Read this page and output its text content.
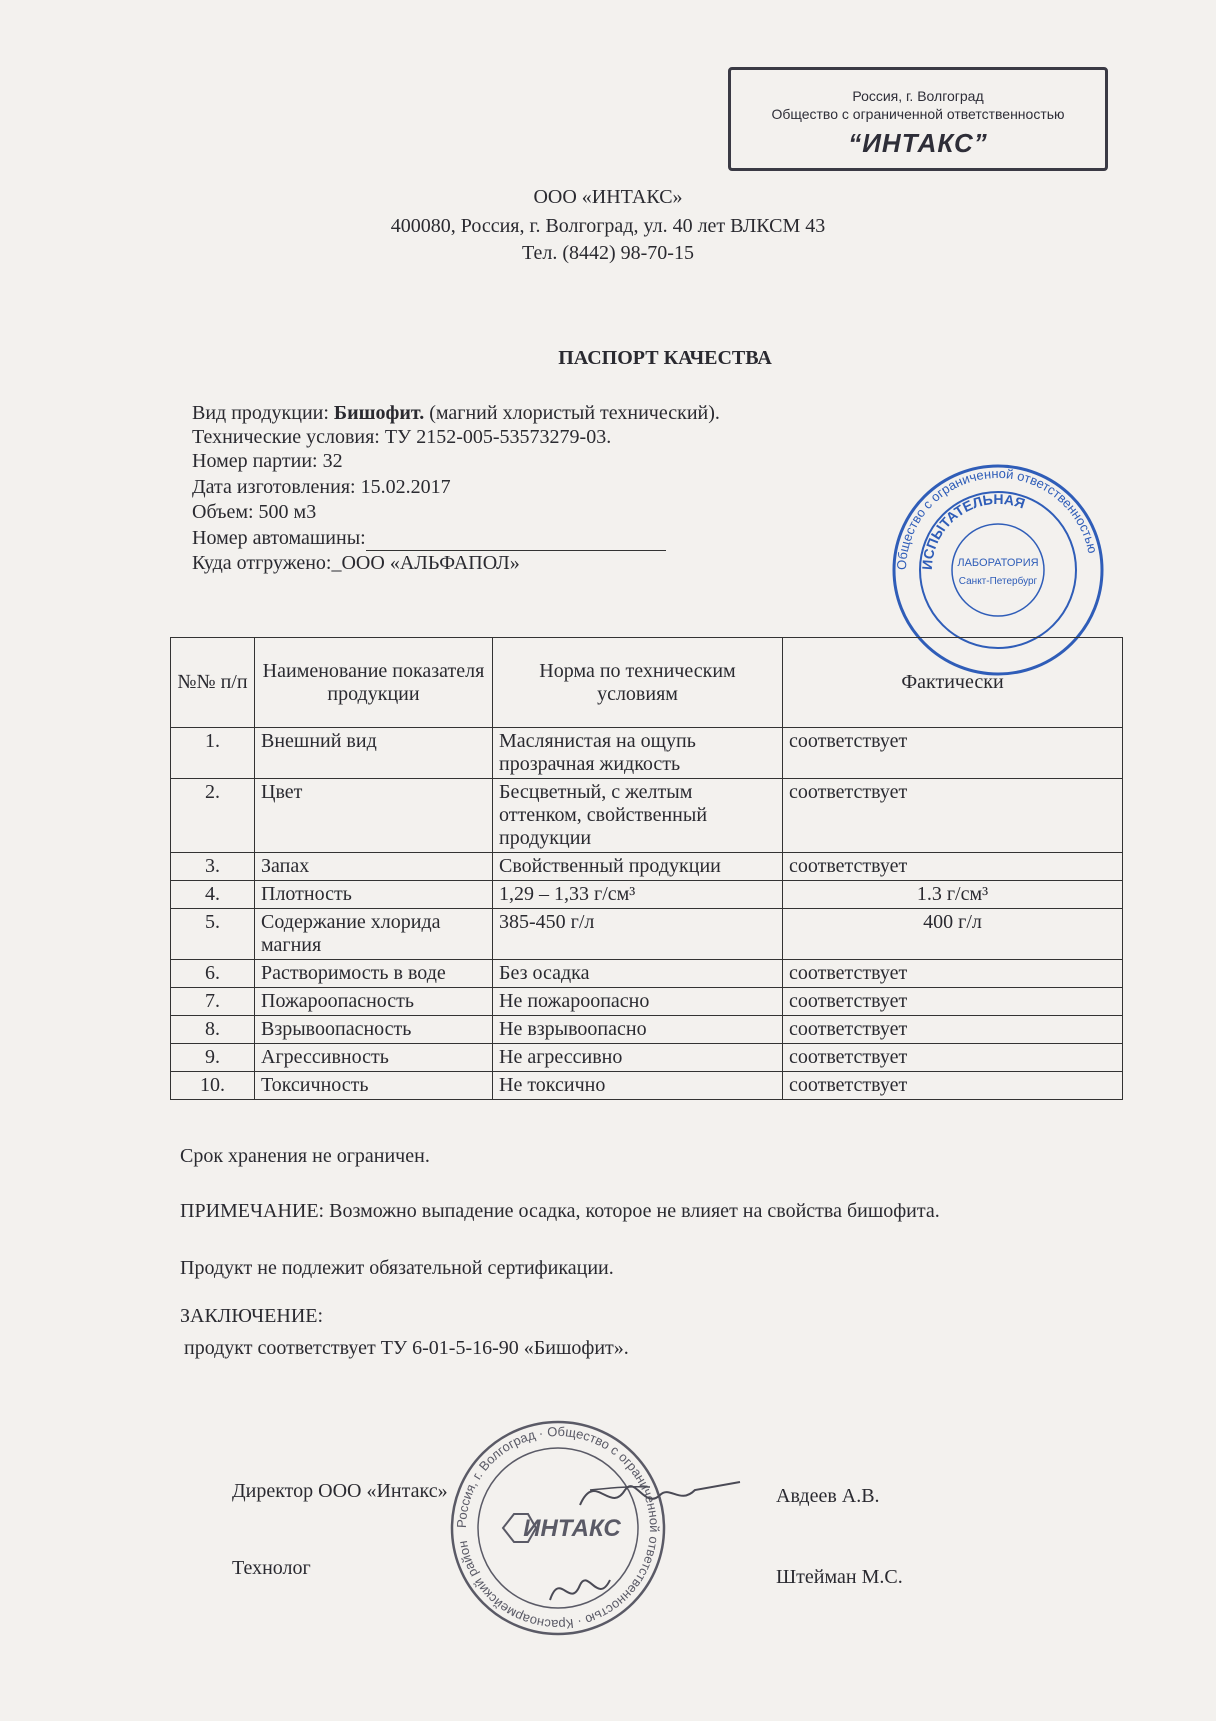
Россия, г. Волгоград
Общество с ограниченной ответственностью
“ИНТАКС”
ООО «ИНТАКС»
400080, Россия, г. Волгоград, ул. 40 лет ВЛКСМ 43
Тел. (8442) 98-70-15
ПАСПОРТ КАЧЕСТВА
Вид продукции: Бишофит. (магний хлористый технический).
Технические условия: ТУ 2152-005-53573279-03.
Номер партии: 32
Дата изготовления: 15.02.2017
Объем: 500 м3
Номер автомашины:
Куда отгружено:_ООО «АЛЬФАПОЛ»	Общество с ограниченной ответственностью
ИСПЫТАТЕЛЬНАЯ
ЛАБОРАТОРИЯ
Санкт-Петербург
№№ п/п	Наименование показателя продукции	Норма по техническим условиям	Фактически
1.	Внешний вид	Маслянистая на ощупь прозрачная жидкость	соответствует
2.	Цвет	Бесцветный, с желтым оттенком, свойственный продукции	соответствует
3.	Запах	Свойственный продукции	соответствует
4.	Плотность	1,29 – 1,33 г/см³	1.3 г/см³
5.	Содержание хлорида магния	385-450 г/л	400 г/л
6.	Растворимость в воде	Без осадка	соответствует
7.	Пожароопасность	Не пожароопасно	соответствует
8.	Взрывоопасность	Не взрывоопасно	соответствует
9.	Агрессивность	Не агрессивно	соответствует
10.	Токсичность	Не токсично	соответствует
Срок хранения не ограничен.
ПРИМЕЧАНИЕ: Возможно выпадение осадка, которое не влияет на свойства бишофита.
Продукт не подлежит обязательной сертификации.
ЗАКЛЮЧЕНИЕ:
продукт соответствует ТУ 6-01-5-16-90 «Бишофит».
Россия, г. Волгоград · Общество с ограниченной ответственностью · Красноармейский район
ИНТАКС
Директор ООО «Интакс»	Авдеев А.В.
Технолог	Штейман М.С.
